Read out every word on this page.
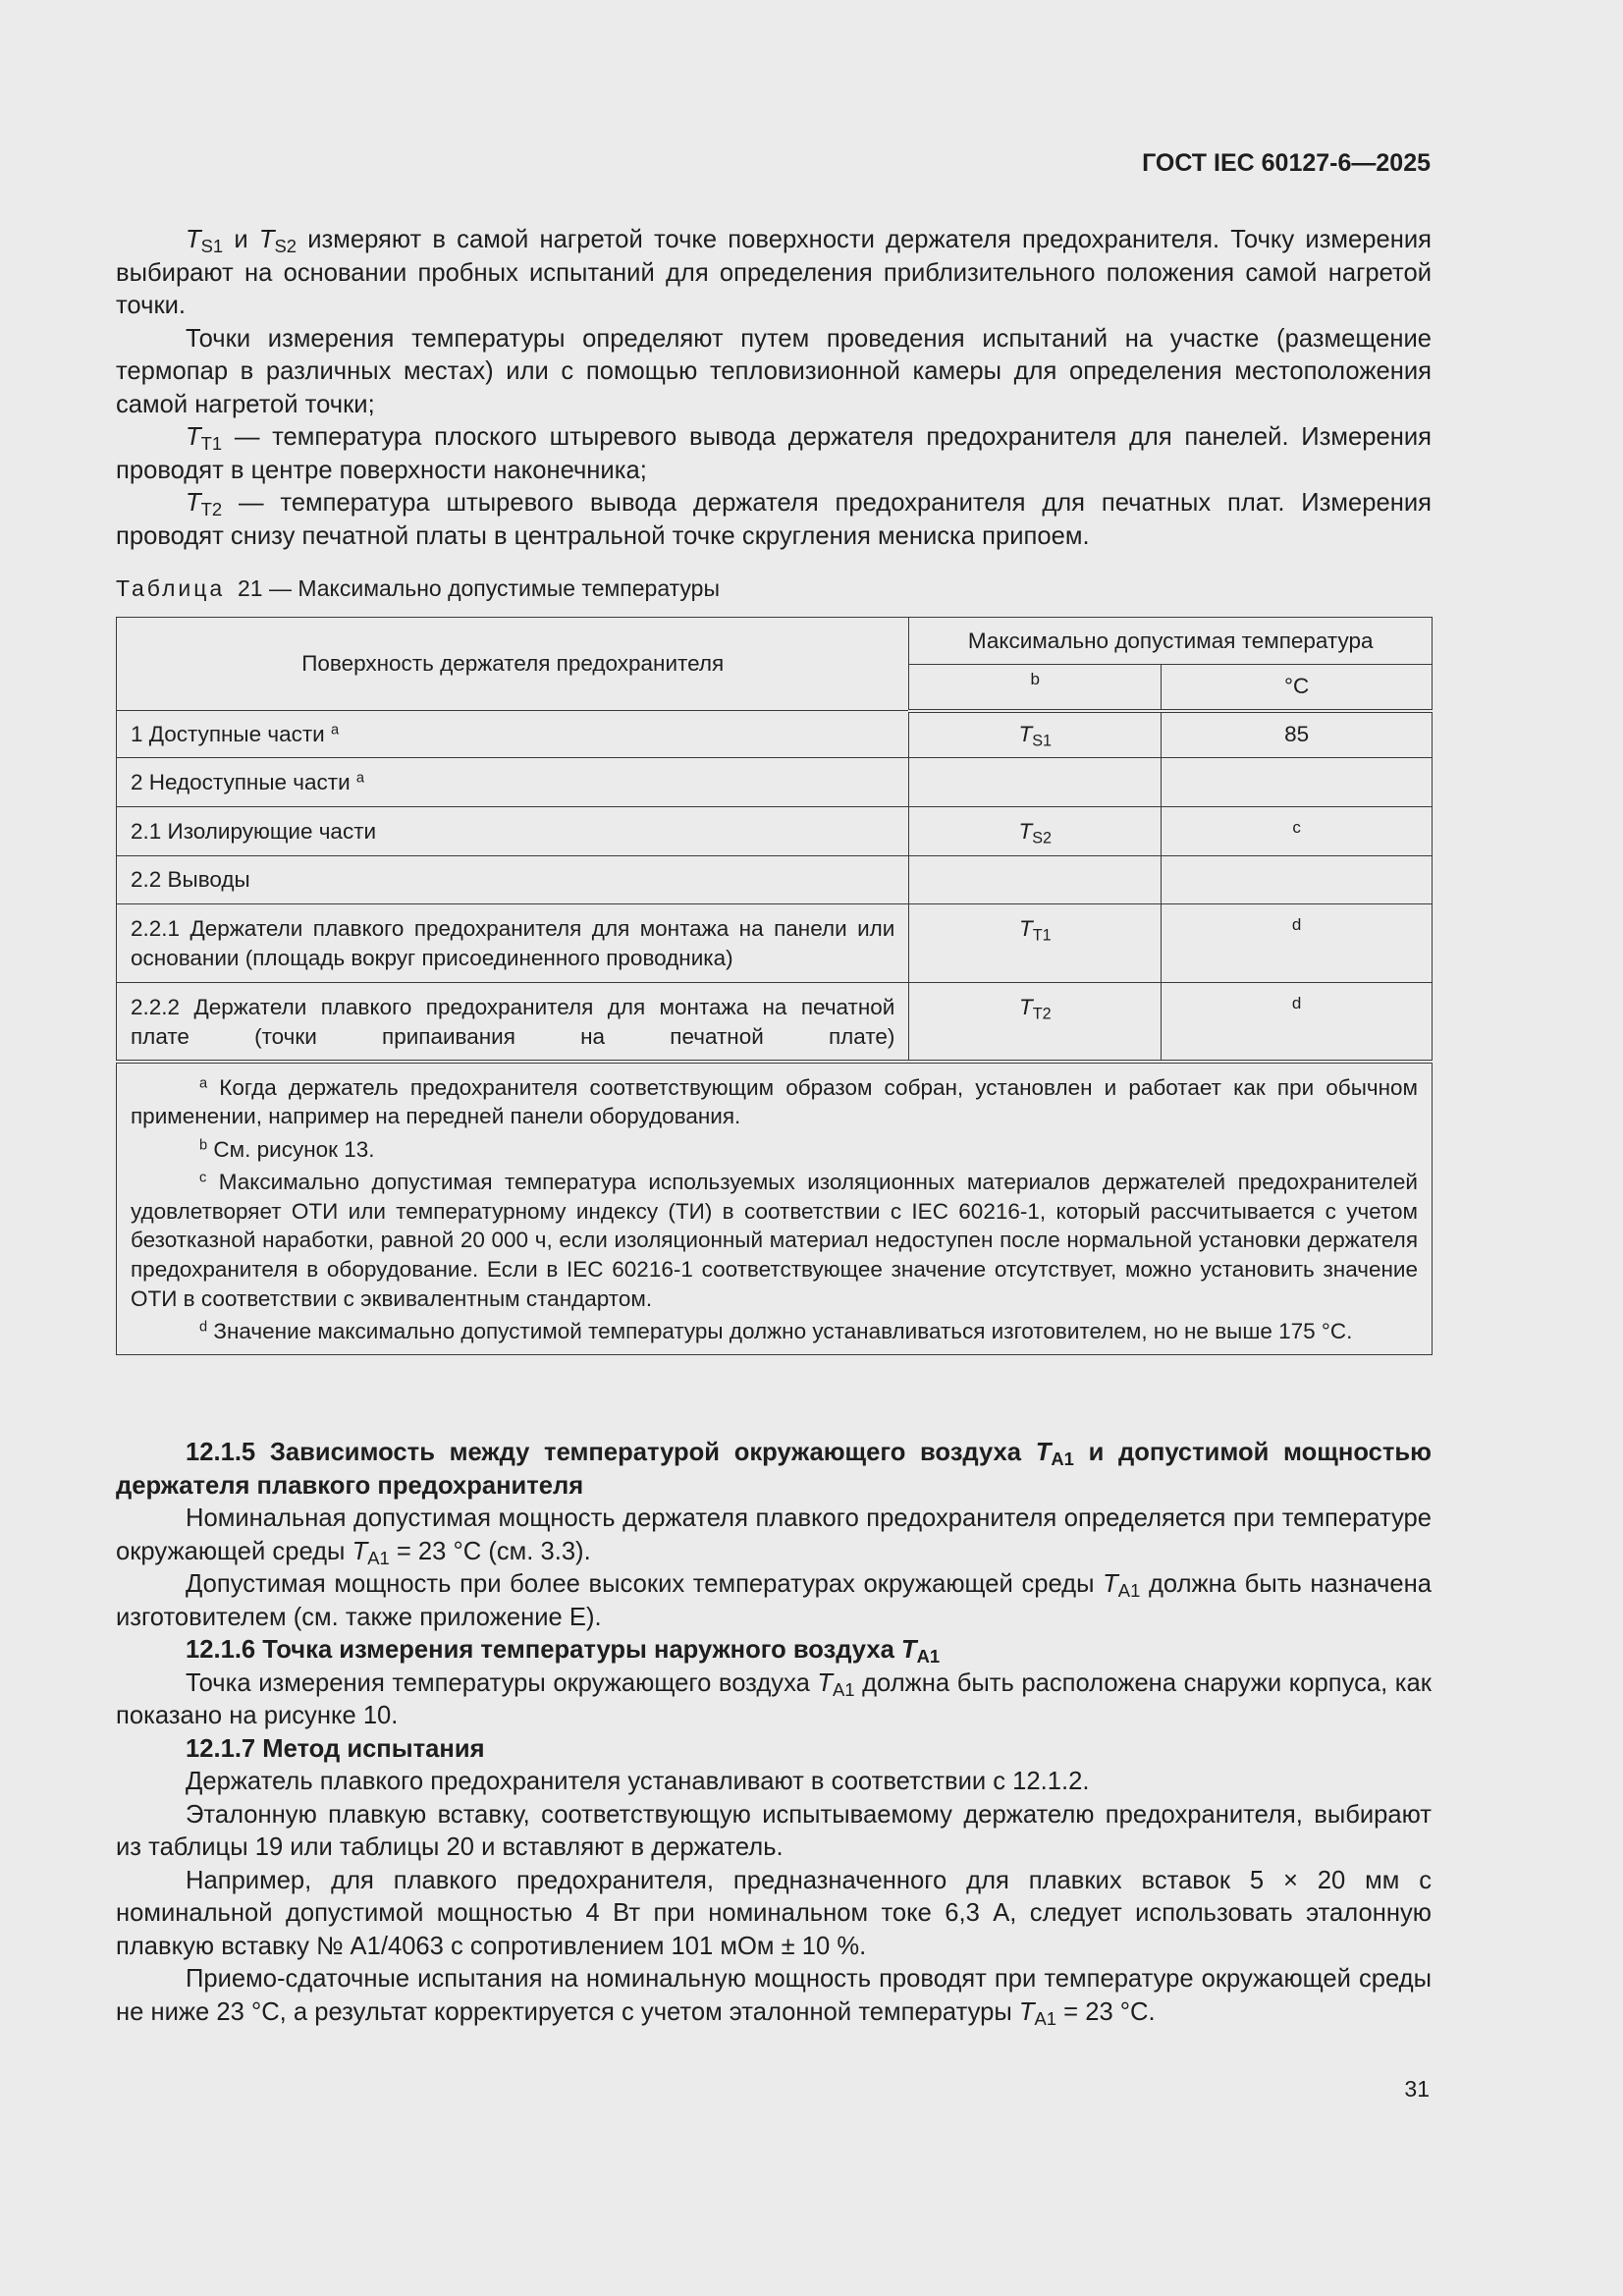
ГОСТ IEC 60127-6—2025

$T_{S1}$ и $T_{S2}$ измеряют в самой нагретой точке поверхности держателя предохранителя. Точку измерения выбирают на основании пробных испытаний для определения приблизительного положения самой нагретой точки.

Точки измерения температуры определяют путем проведения испытаний на участке (размещение термопар в различных местах) или с помощью тепловизионной камеры для определения местоположения самой нагретой точки;

$T_{T1}$ — температура плоского штыревого вывода держателя предохранителя для панелей. Измерения проводят в центре поверхности наконечника;

$T_{T2}$ — температура штыревого вывода держателя предохранителя для печатных плат. Измерения проводят снизу печатной платы в центральной точке скругления мениска припоем.

Таблица 21 — Максимально допустимые температуры
Поверхность держателя предохранителя	Максимально допустимая температура	
	b	°C
1 Доступные части $^a$	$T_{S1}$	85
2 Недоступные части $^a$		
2.1 Изолирующие части	$T_{S2}$	c
2.2 Выводы		
2.2.1 Держатели плавкого предохранителя для монтажа на панели или основании (площадь вокруг присоединенного проводника)	$T_{T1}$	d
2.2.2 Держатели плавкого предохранителя для монтажа на печатной плате (точки припаивания на печатной плате)	$T_{T2}$	d

$^a$ Когда держатель предохранителя соответствующим образом собран, установлен и работает как при обычном применении, например на передней панели оборудования.

$^b$ См. рисунок 13.

$^c$ Максимально допустимая температура используемых изоляционных материалов держателей предохранителей удовлетворяет ОТИ или температурному индексу (ТИ) в соответствии с IEC 60216-1, который рассчитывается с учетом безотказной наработки, равной 20 000 ч, если изоляционный материал недоступен после нормальной установки держателя предохранителя в оборудование. Если в IEC 60216-1 соответствующее значение отсутствует, можно установить значение ОТИ в соответствии с эквивалентным стандартом.

$^d$ Значение максимально допустимой температуры должно устанавливаться изготовителем, но не выше 175 °C.		

12.1.5 Зависимость между температурой окружающего воздуха $T_{A1}$ и допустимой мощностью держателя плавкого предохранителя

Номинальная допустимая мощность держателя плавкого предохранителя определяется при температуре окружающей среды $T_{A1} = 23$ °C (см. 3.3).

Допустимая мощность при более высоких температурах окружающей среды $T_{A1}$ должна быть назначена изготовителем (см. также приложение Е).

12.1.6 Точка измерения температуры наружного воздуха $T_{A1}$

Точка измерения температуры окружающего воздуха $T_{A1}$ должна быть расположена снаружи корпуса, как показано на рисунке 10.

12.1.7 Метод испытания

Держатель плавкого предохранителя устанавливают в соответствии с 12.1.2.

Эталонную плавкую вставку, соответствующую испытываемому держателю предохранителя, выбирают из таблицы 19 или таблицы 20 и вставляют в держатель.

Например, для плавкого предохранителя, предназначенного для плавких вставок 5 × 20 мм с номинальной допустимой мощностью 4 Вт при номинальном токе 6,3 А, следует использовать эталонную плавкую вставку № А1/4063 с сопротивлением 101 мОм ± 10 %.

Приемо-сдаточные испытания на номинальную мощность проводят при температуре окружающей среды не ниже 23 °C, а результат корректируется с учетом эталонной температуры $T_{A1} = 23$ °C.

31
